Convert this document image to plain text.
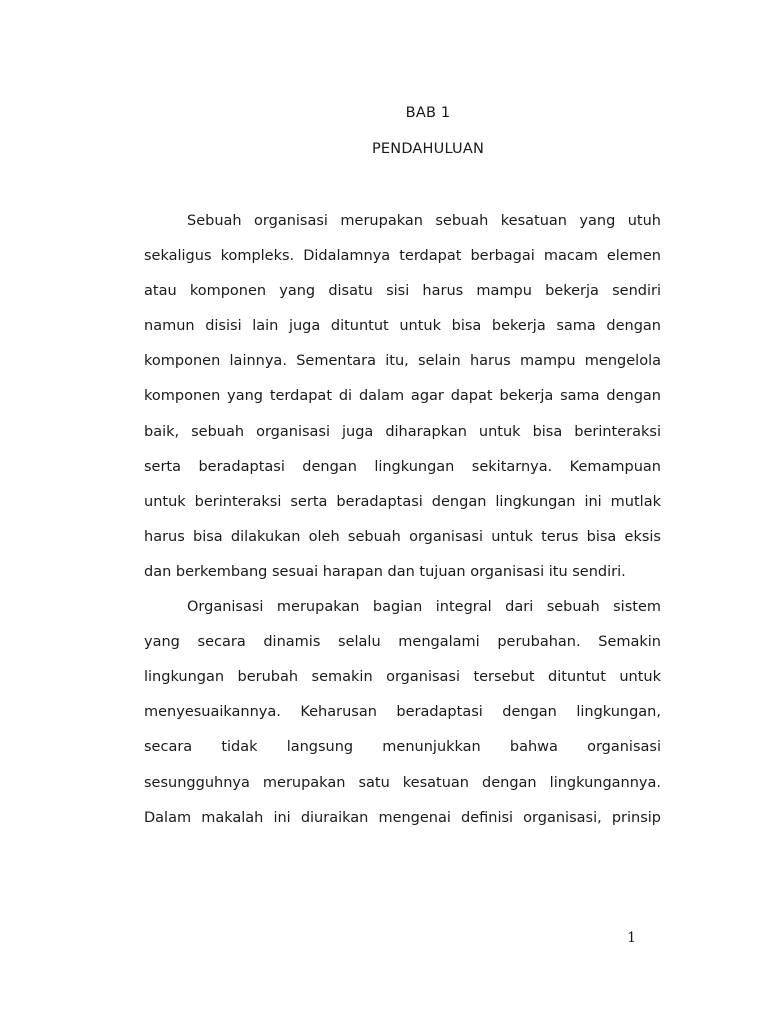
BAB 1
PENDAHULUAN

Sebuah organisasi merupakan sebuah kesatuan yang utuh
sekaligus kompleks. Didalamnya terdapat berbagai macam elemen
atau komponen yang disatu sisi harus mampu bekerja sendiri
namun disisi lain juga dituntut untuk bisa bekerja sama dengan
komponen lainnya. Sementara itu, selain harus mampu mengelola
komponen yang terdapat di dalam agar dapat bekerja sama dengan
baik, sebuah organisasi juga diharapkan untuk bisa berinteraksi
serta beradaptasi dengan lingkungan sekitarnya. Kemampuan
untuk berinteraksi serta beradaptasi dengan lingkungan ini mutlak
harus bisa dilakukan oleh sebuah organisasi untuk terus bisa eksis
dan berkembang sesuai harapan dan tujuan organisasi itu sendiri.

Organisasi merupakan bagian integral dari sebuah sistem
yang secara dinamis selalu mengalami perubahan. Semakin
lingkungan berubah semakin organisasi tersebut dituntut untuk
menyesuaikannya. Keharusan beradaptasi dengan lingkungan,
secara tidak langsung menunjukkan bahwa organisasi
sesungguhnya merupakan satu kesatuan dengan lingkungannya.
Dalam makalah ini diuraikan mengenai definisi organisasi, prinsip

1
